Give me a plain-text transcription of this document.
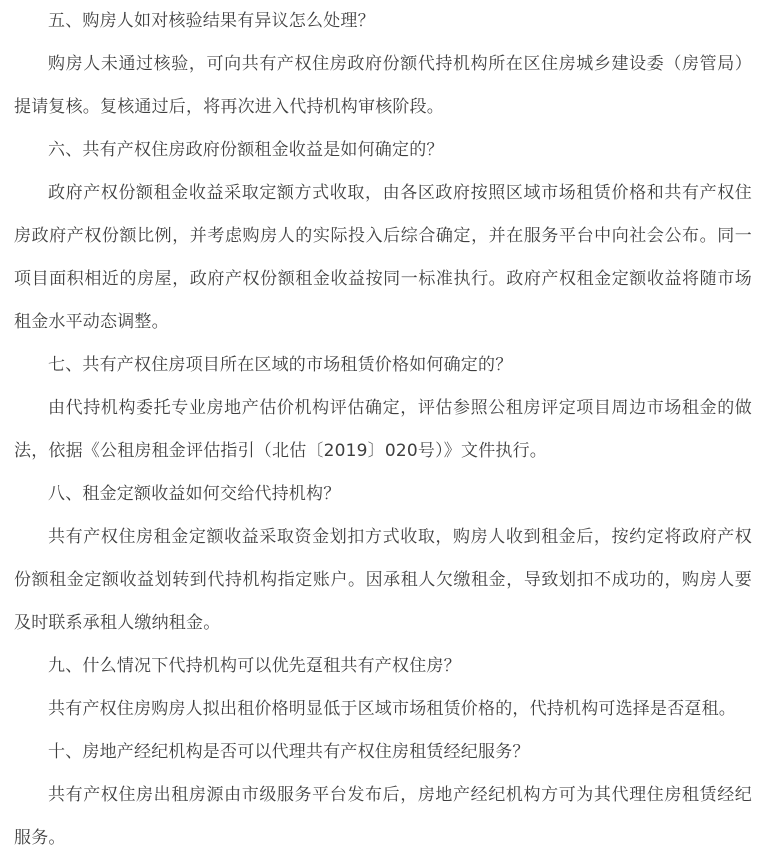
五、购房人如对核验结果有异议怎么处理？

购房人未通过核验，可向共有产权住房政府份额代持机构所在区住房城乡建设委（房管局）提请复核。复核通过后，将再次进入代持机构审核阶段。

六、共有产权住房政府份额租金收益是如何确定的？

政府产权份额租金收益采取定额方式收取，由各区政府按照区域市场租赁价格和共有产权住房政府产权份额比例，并考虑购房人的实际投入后综合确定，并在服务平台中向社会公布。同一项目面积相近的房屋，政府产权份额租金收益按同一标准执行。政府产权租金定额收益将随市场租金水平动态调整。

七、共有产权住房项目所在区域的市场租赁价格如何确定的？

由代持机构委托专业房地产估价机构评估确定，评估参照公租房评定项目周边市场租金的做法，依据《公租房租金评估指引（北估〔2019〕020号）》文件执行。

八、租金定额收益如何交给代持机构？

共有产权住房租金定额收益采取资金划扣方式收取，购房人收到租金后，按约定将政府产权份额租金定额收益划转到代持机构指定账户。因承租人欠缴租金，导致划扣不成功的，购房人要及时联系承租人缴纳租金。

九、什么情况下代持机构可以优先趸租共有产权住房？

共有产权住房购房人拟出租价格明显低于区域市场租赁价格的，代持机构可选择是否趸租。

十、房地产经纪机构是否可以代理共有产权住房租赁经纪服务？

共有产权住房出租房源由市级服务平台发布后，房地产经纪机构方可为其代理住房租赁经纪服务。
